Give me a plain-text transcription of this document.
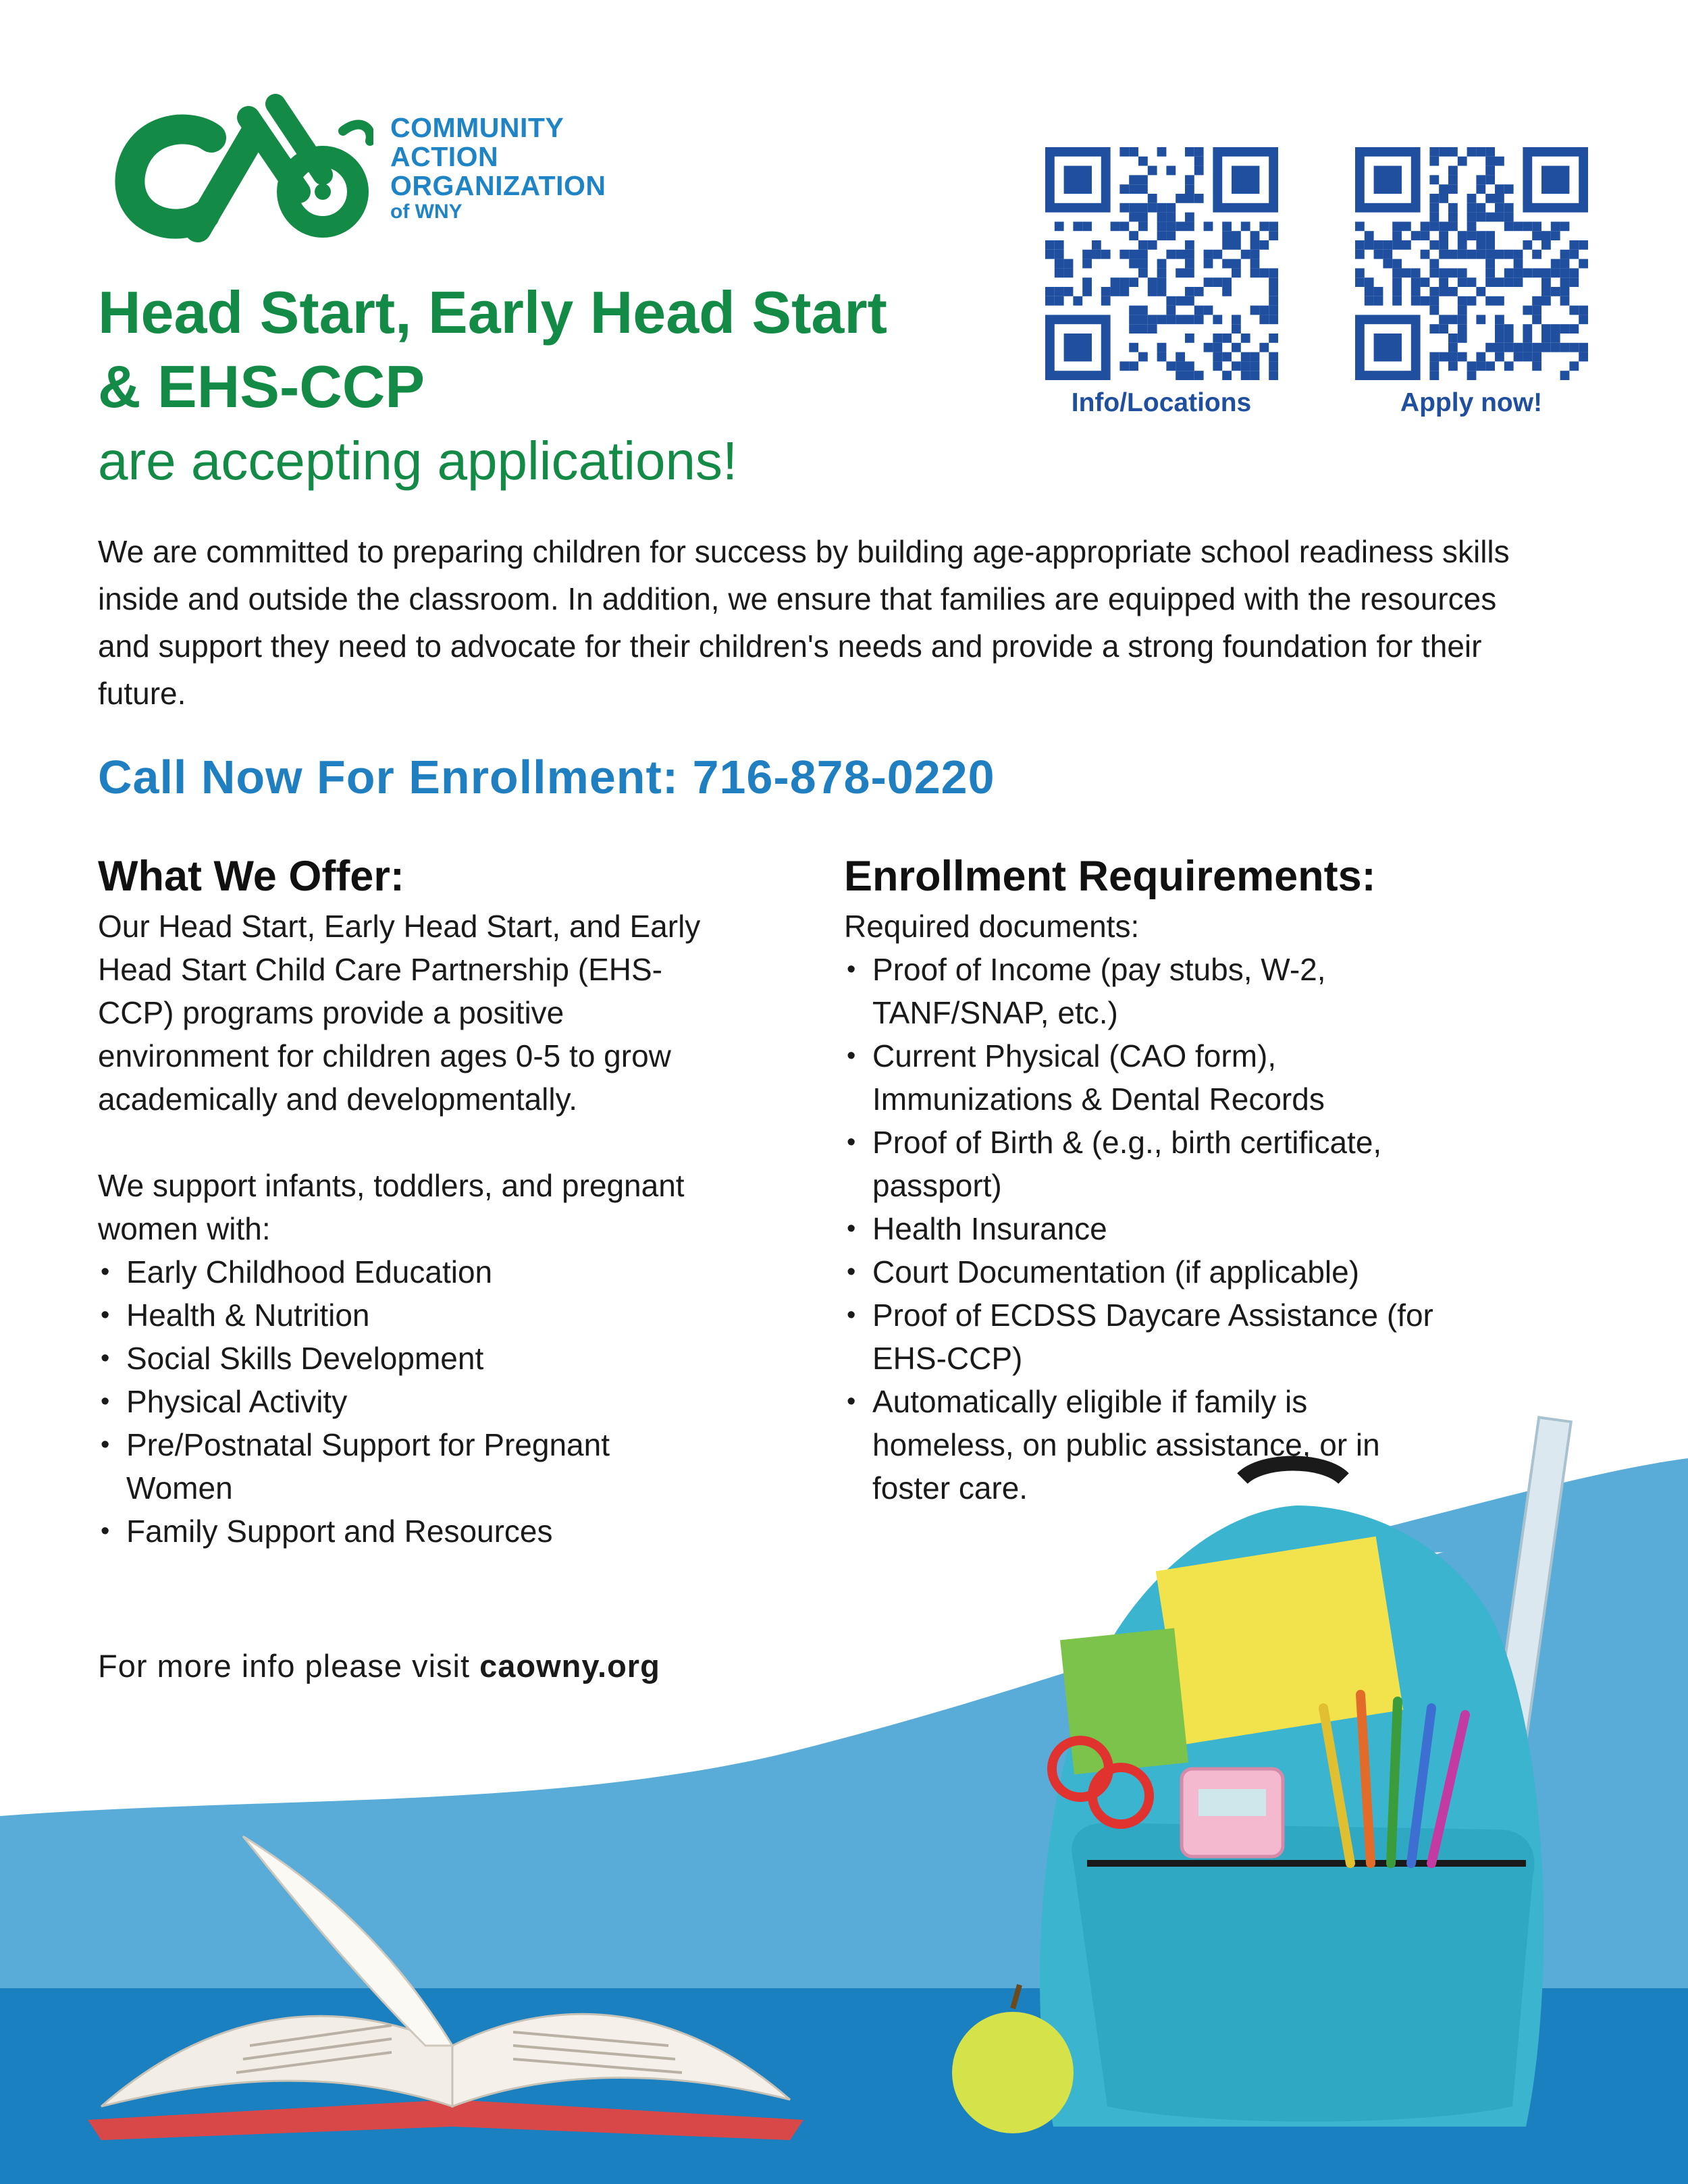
COMMUNITY
ACTION
ORGANIZATION
of WNY
Head Start, Early Head Start
& EHS-CCP
are accepting applications!
Info/Locations	Apply now!
We are committed to preparing children for success by building age-appropriate school readiness skills inside and outside the classroom. In addition, we ensure that families are equipped with the resources and support they need to advocate for their children's needs and provide a strong foundation for their future.
Call Now For Enrollment: 716-878-0220
What We Offer:

Our Head Start, Early Head Start, and Early Head Start Child Care Partnership (EHS-CCP) programs provide a positive environment for children ages 0-5 to grow academically and developmentally.

We support infants, toddlers, and pregnant women with:

• Early Childhood Education
• Health & Nutrition
• Social Skills Development
• Physical Activity
• Pre/Postnatal Support for Pregnant Women
• Family Support and Resources
Enrollment Requirements:

Required documents:

• Proof of Income (pay stubs, W-2, TANF/SNAP, etc.)
• Current Physical (CAO form), Immunizations & Dental Records
• Proof of Birth & (e.g., birth certificate, passport)
• Health Insurance
• Court Documentation (if applicable)
• Proof of ECDSS Daycare Assistance (for EHS-CCP)
• Automatically eligible if family is homeless, on public assistance, or in foster care.
For more info please visit caowny.org
